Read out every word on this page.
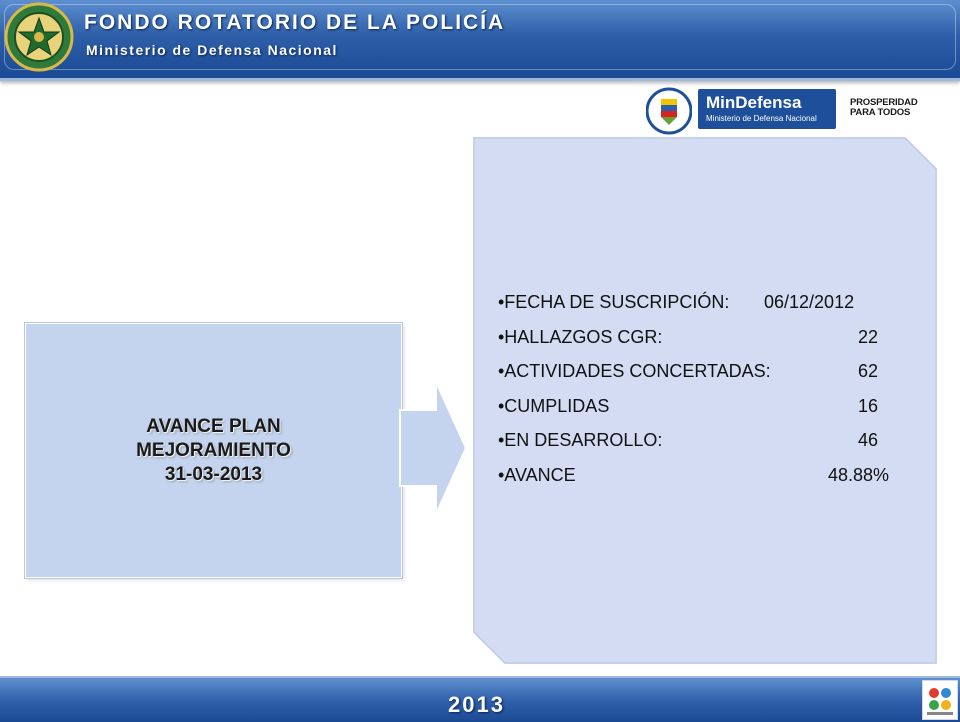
FONDO ROTATORIO DE LA POLICÍA
Ministerio de Defensa Nacional
MinDefensa
Ministerio de Defensa Nacional
PROSPERIDAD
PARA TODOS
AVANCE PLAN
MEJORAMIENTO
31-03-2013
•FECHA DE SUSCRIPCIÓN: 06/12/2012
•HALLAZGOS CGR:	22
•ACTIVIDADES CONCERTADAS:	62
•CUMPLIDAS	16
•EN DESARROLLO:	46
•AVANCE	48.88%
2013
